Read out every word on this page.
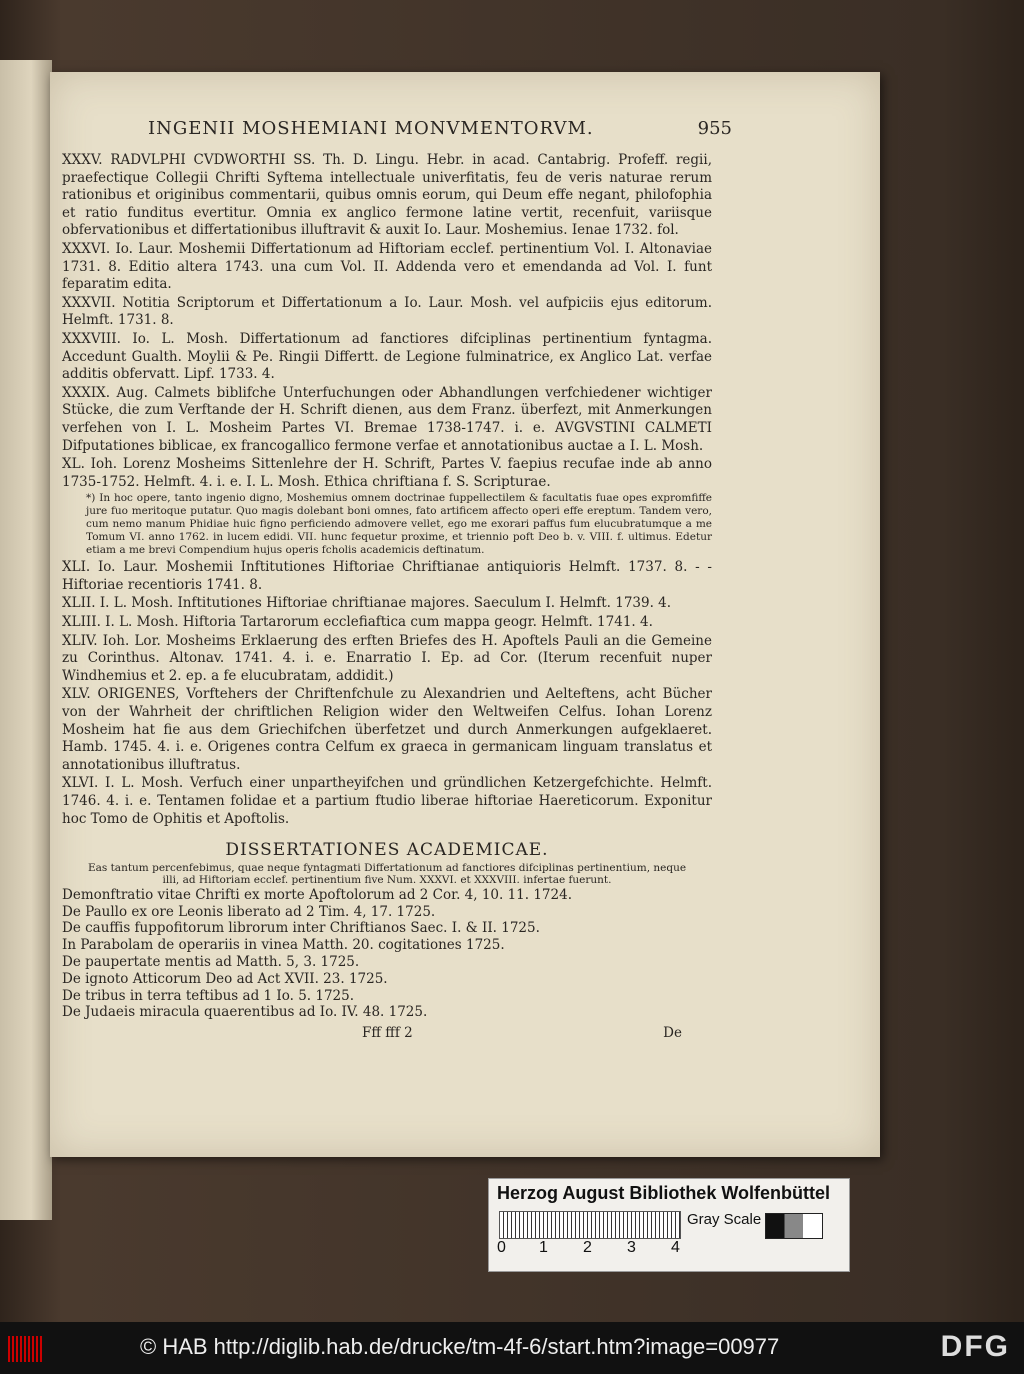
INGENII MOSHEMIANI MONVMENTORVM.	955
XXXV. RADVLPHI CVDWORTHI SS. Th. D. Lingu. Hebr. in acad. Cantabrig. Profeff. regii, praefectique Collegii Chrifti Syftema intellectuale univerfitatis, feu de veris naturae rerum rationibus et originibus commentarii, quibus omnis eorum, qui Deum effe negant, philofophia et ratio funditus evertitur. Omnia ex anglico fermone latine vertit, recenfuit, variisque obfervationibus et differtationibus illuftravit & auxit Io. Laur. Moshemius. Ienae 1732. fol.
XXXVI. Io. Laur. Moshemii Differtationum ad Hiftoriam ecclef. pertinentium Vol. I. Altonaviae 1731. 8. Editio altera 1743. una cum Vol. II. Addenda vero et emendanda ad Vol. I. funt feparatim edita.
XXXVII. Notitia Scriptorum et Differtationum a Io. Laur. Mosh. vel aufpiciis ejus editorum. Helmft. 1731. 8.
XXXVIII. Io. L. Mosh. Differtationum ad fanctiores difciplinas pertinentium fyntagma. Accedunt Gualth. Moylii & Pe. Ringii Differtt. de Legione fulminatrice, ex Anglico Lat. verfae additis obfervatt. Lipf. 1733. 4.
XXXIX. Aug. Calmets biblifche Unterfuchungen oder Abhandlungen verfchiedener wichtiger Stücke, die zum Verftande der H. Schrift dienen, aus dem Franz. überfezt, mit Anmerkungen verfehen von I. L. Mosheim Partes VI. Bremae 1738-1747. i. e. AVGVSTINI CALMETI Difputationes biblicae, ex francogallico fermone verfae et annotationibus auctae a I. L. Mosh.
XL. Ioh. Lorenz Mosheims Sittenlehre der H. Schrift, Partes V. faepius recufae inde ab anno 1735-1752. Helmft. 4. i. e. I. L. Mosh. Ethica chriftiana f. S. Scripturae.
*) In hoc opere, tanto ingenio digno, Moshemius omnem doctrinae fuppellectilem & facultatis fuae opes expromfiffe jure fuo meritoque putatur. Quo magis dolebant boni omnes, fato artificem affecto operi effe ereptum. Tandem vero, cum nemo manum Phidiae huic figno perficiendo admovere vellet, ego me exorari paffus fum elucubratumque a me Tomum VI. anno 1762. in lucem edidi. VII. hunc fequetur proxime, et triennio poft Deo b. v. VIII. f. ultimus. Edetur etiam a me brevi Compendium hujus operis fcholis academicis deftinatum.
XLI. Io. Laur. Moshemii Inftitutiones Hiftoriae Chriftianae antiquioris Helmft. 1737. 8. - - Hiftoriae recentioris 1741. 8.
XLII. I. L. Mosh. Inftitutiones Hiftoriae chriftianae majores. Saeculum I. Helmft. 1739. 4.
XLIII. I. L. Mosh. Hiftoria Tartarorum ecclefiaftica cum mappa geogr. Helmft. 1741. 4.
XLIV. Ioh. Lor. Mosheims Erklaerung des erften Briefes des H. Apoftels Pauli an die Gemeine zu Corinthus. Altonav. 1741. 4. i. e. Enarratio I. Ep. ad Cor. (Iterum recenfuit nuper Windhemius et 2. ep. a fe elucubratam, addidit.)
XLV. ORIGENES, Vorftehers der Chriftenfchule zu Alexandrien und Aelteftens, acht Bücher von der Wahrheit der chriftlichen Religion wider den Weltweifen Celfus. Iohan Lorenz Mosheim hat fie aus dem Griechifchen überfetzet und durch Anmerkungen aufgeklaeret. Hamb. 1745. 4. i. e. Origenes contra Celfum ex graeca in germanicam linguam translatus et annotationibus illuftratus.
XLVI. I. L. Mosh. Verfuch einer unpartheyifchen und gründlichen Ketzergefchichte. Helmft. 1746. 4. i. e. Tentamen folidae et a partium ftudio liberae hiftoriae Haereticorum. Exponitur hoc Tomo de Ophitis et Apoftolis.
DISSERTATIONES ACADEMICAE.
Eas tantum percenfebimus, quae neque fyntagmati Differtationum ad fanctiores difciplinas pertinentium, neque illi, ad Hiftoriam ecclef. pertinentium five Num. XXXVI. et XXXVIII. infertae fuerunt.
Demonftratio vitae Chrifti ex morte Apoftolorum ad 2 Cor. 4, 10. 11. 1724.
De Paullo ex ore Leonis liberato ad 2 Tim. 4, 17. 1725.
De cauffis fuppofitorum librorum inter Chriftianos Saec. I. & II. 1725.
In Parabolam de operariis in vinea Matth. 20. cogitationes 1725.
De paupertate mentis ad Matth. 5, 3. 1725.
De ignoto Atticorum Deo ad Act XVII. 23. 1725.
De tribus in terra teftibus ad 1 Io. 5. 1725.
De Judaeis miracula quaerentibus ad Io. IV. 48. 1725.
Fff fff 2	De
Herzog August Bibliothek Wolfenbüttel
0 1 2 3 4
Gray Scale
© HAB http://diglib.hab.de/drucke/tm-4f-6/start.htm?image=00977	DFG
